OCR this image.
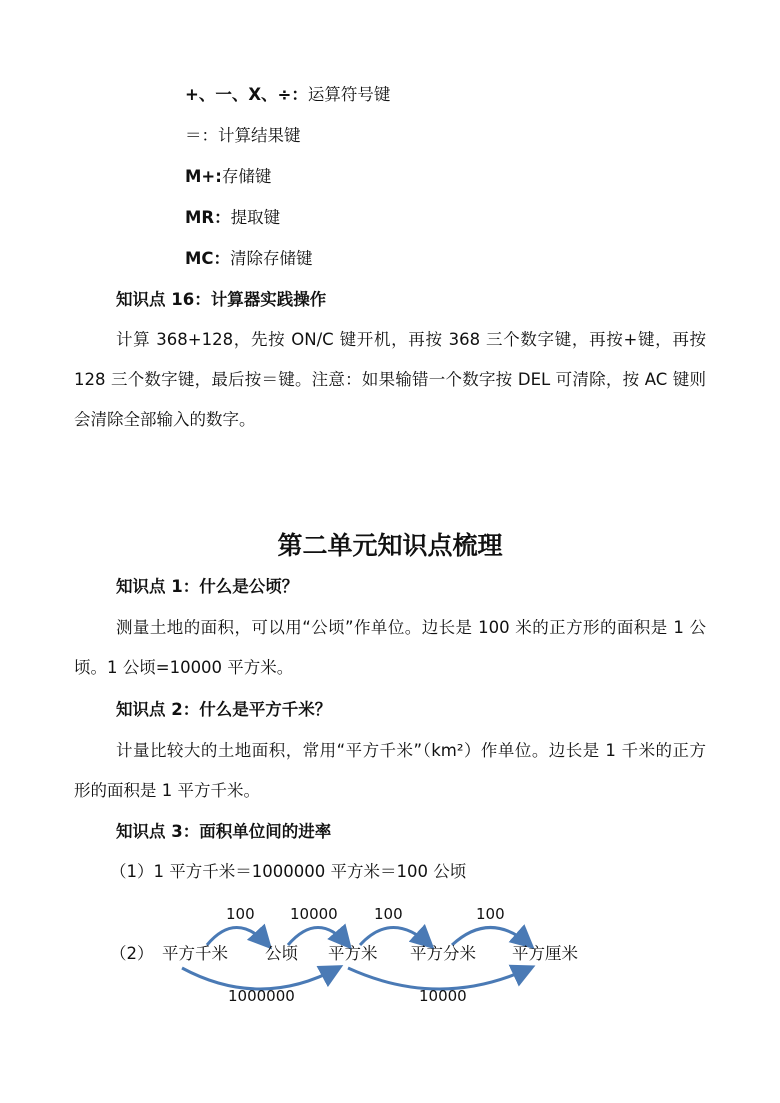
+、一、X、÷：运算符号键
＝：计算结果键
M+:存储键
MR：提取键
MC：清除存储键
知识点 16：计算器实践操作
计算 368+128，先按 ON/C 键开机，再按 368 三个数字键，再按+键，再按 128 三个数字键，最后按＝键。注意：如果输错一个数字按 DEL 可清除，按 AC 键则会清除全部输入的数字。
第二单元知识点梳理
知识点 1：什么是公顷？
测量土地的面积，可以用“公顷”作单位。边长是 100 米的正方形的面积是 1 公顷。1 公顷=10000 平方米。
知识点 2：什么是平方千米？
计量比较大的土地面积，常用“平方千米”（km²）作单位。边长是 1 千米的正方形的面积是 1 平方千米。
知识点 3：面积单位间的进率
（1）1 平方千米＝1000000 平方米＝100 公顷
100 10000 100	100
（2） 平方千米 公顷 平方米 平方分米 平方厘米
1000000	10000
